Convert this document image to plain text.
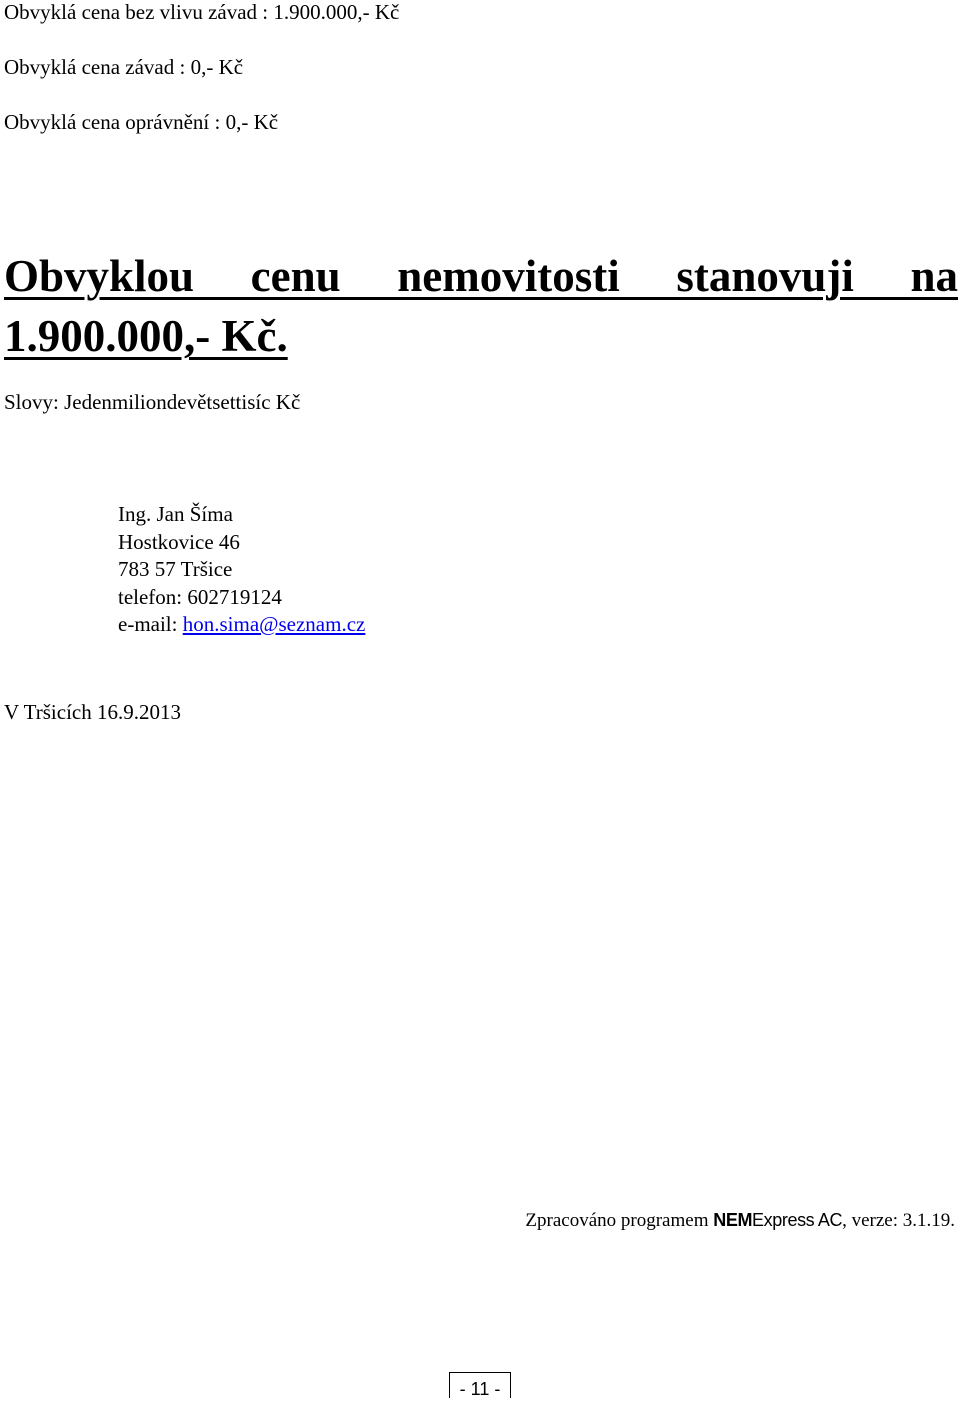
Obvyklá cena bez vlivu závad : 1.900.000,- Kč
Obvyklá cena závad : 0,- Kč
Obvyklá cena oprávnění : 0,- Kč
Obvyklou cenu nemovitosti stanovuji na 1.900.000,- Kč.
Slovy: Jedenmiliondevětsettisíc Kč
Ing. Jan Šíma
Hostkovice 46
783 57 Tršice
telefon: 602719124
e-mail: hon.sima@seznam.cz
V Tršicích 16.9.2013
Zpracováno programem NEMExpress AC, verze: 3.1.19.
- 11 -
